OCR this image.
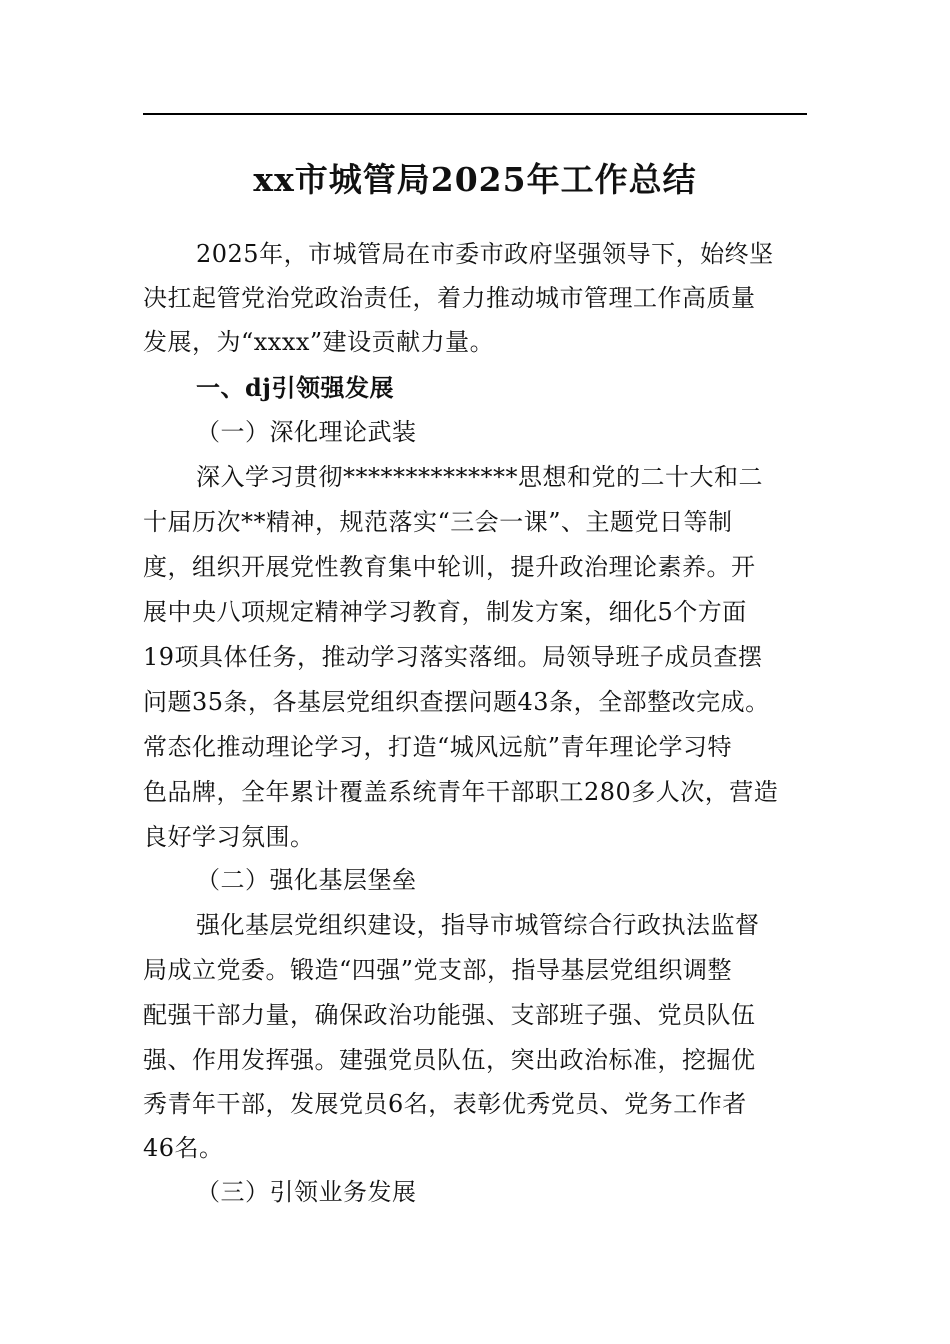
xx市城管局2025年工作总结
2025年，市城管局在市委市政府坚强领导下，始终坚
决扛起管党治党政治责任，着力推动城市管理工作高质量
发展，为“xxxx”建设贡献力量。
一、dj引领强发展
（一）深化理论武装
深入学习贯彻**************思想和党的二十大和二
十届历次**精神，规范落实“三会一课”、主题党日等制
度，组织开展党性教育集中轮训，提升政治理论素养。开
展中央八项规定精神学习教育，制发方案，细化5个方面
19项具体任务，推动学习落实落细。局领导班子成员查摆
问题35条，各基层党组织查摆问题43条，全部整改完成。
常态化推动理论学习，打造“城风远航”青年理论学习特
色品牌，全年累计覆盖系统青年干部职工280多人次，营造
良好学习氛围。
（二）强化基层堡垒
强化基层党组织建设，指导市城管综合行政执法监督
局成立党委。锻造“四强”党支部，指导基层党组织调整
配强干部力量，确保政治功能强、支部班子强、党员队伍
强、作用发挥强。建强党员队伍，突出政治标准，挖掘优
秀青年干部，发展党员6名，表彰优秀党员、党务工作者
46名。
（三）引领业务发展
